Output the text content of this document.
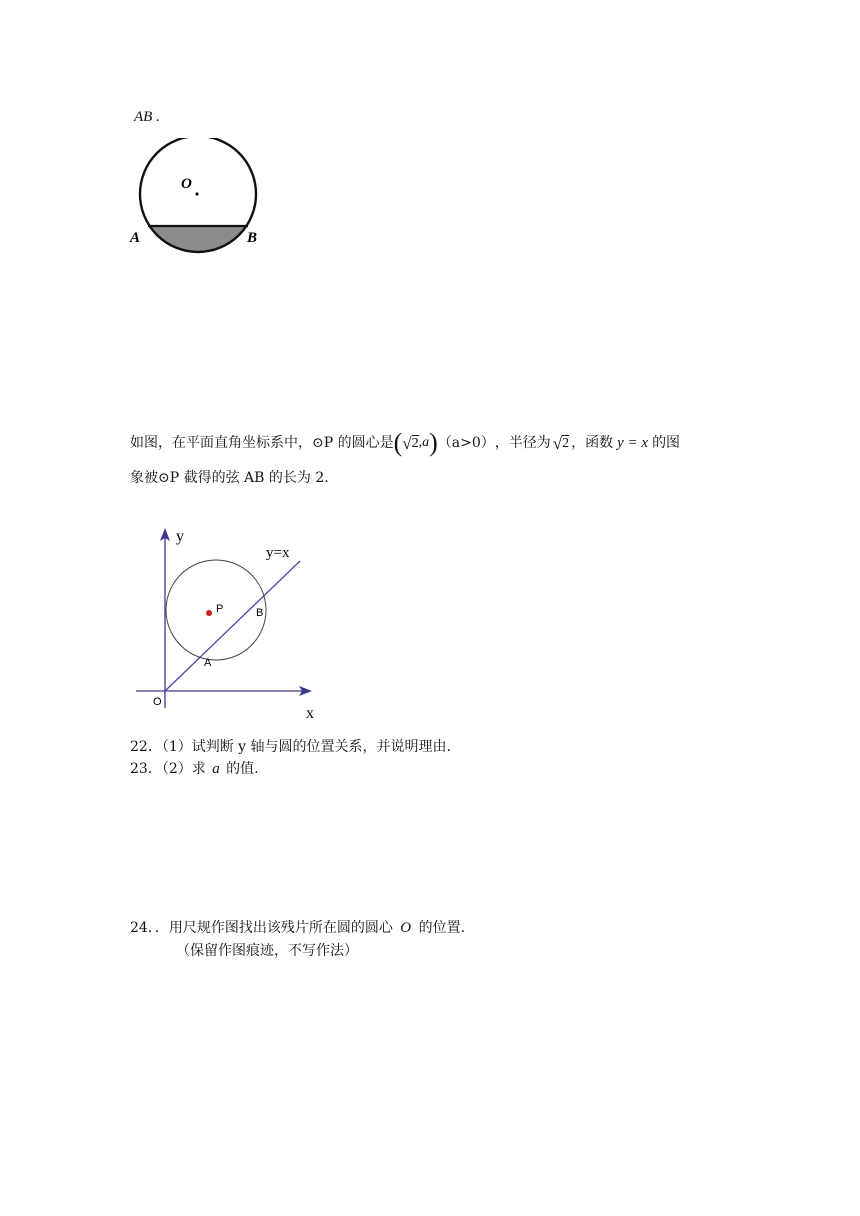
AB .
O
A	B
如图，在平面直角坐标系中，⊙P 的圆心是 ( √ 2 , a ) （a>0） ，半径为 √ 2 ，函数 y = x 的图
象被⊙P 截得的弦 AB 的长为 2.
y
x
y=x
O
P
A
B
22．（1）试判断 y 轴与圆的位置关系，并说明理由.
23．（2）求 a 的值.
24．．用尺规作图找出该残片所在圆的圆心 O 的位置.
（保留作图痕迹，不写作法）
